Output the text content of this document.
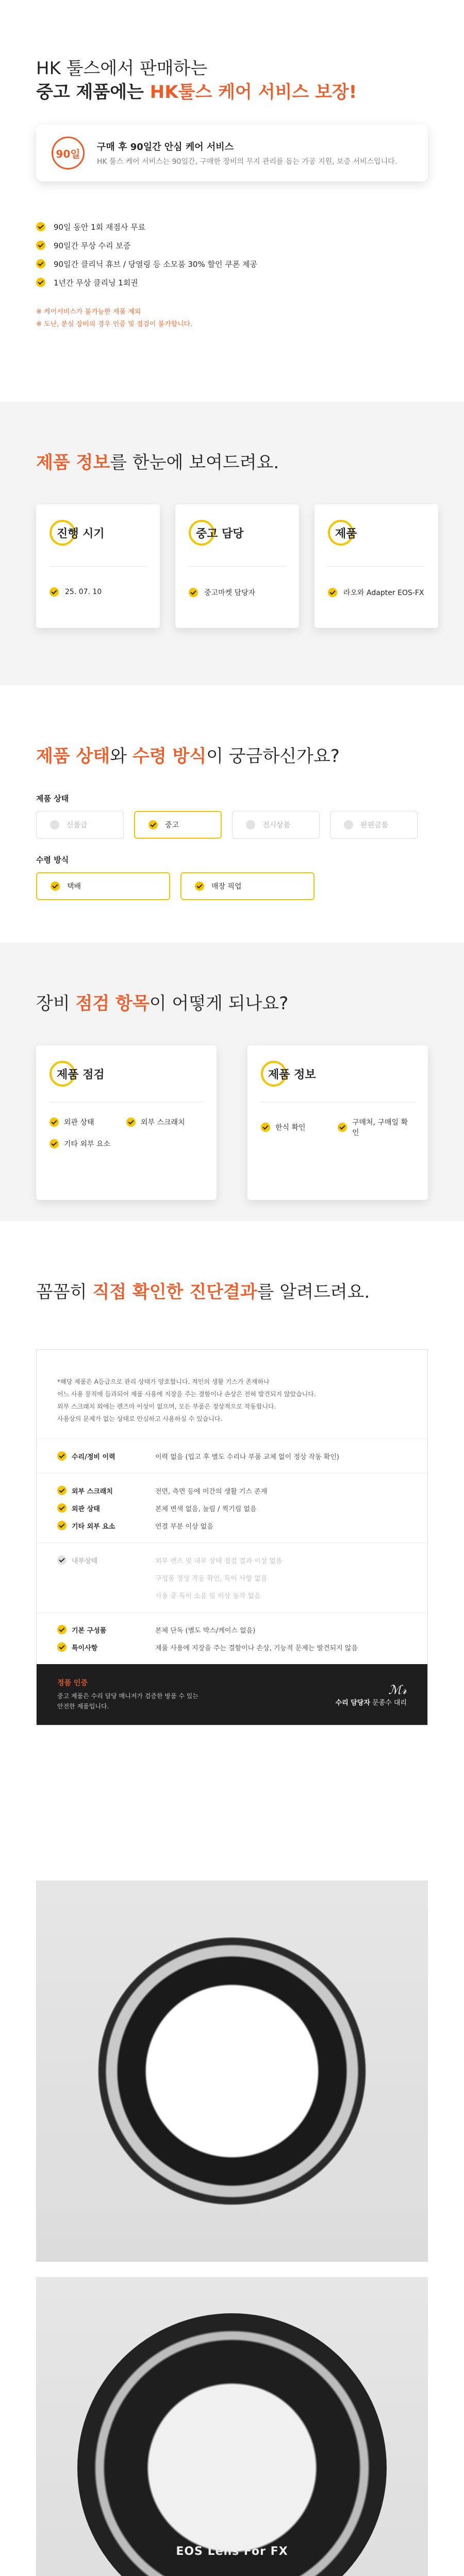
HK 툴스에서 판매하는
중고 제품에는 HK툴스 케어 서비스 보장!
90일
구매 후 90일간 안심 케어 서비스
HK 툴스 케어 서비스는 90일간, 구매한 장비의 무지 관리를 돕는 가공 지원, 보증 서비스입니다.
90일 동안 1회 재점사 무료
90일간 무상 수리 보증
90일간 클리닉 휴브 / 당열링 등 소모품 30% 할인 쿠폰 제공
1년간 무상 클리닝 1회권
※ 케어서비스가 불가능한 제품 제외
※ 도난, 분실 장비의 경우 인증 및 점검이 불가합니다.
제품 정보를 한눈에 보여드려요.
진행 시기
25. 07. 10
중고 담당
중고마켓 담당자
제품
라오와 Adapter EOS-FX
제품 상태와 수령 방식이 궁금하신가요?
제품 상태
신품급	중고	전시상품	판핀금품
수령 방식
택배	매장 픽업
장비 점검 항목이 어떻게 되나요?
제품 점검
외관 상태	외부 스크래치
기타 외부 요소
제품 정보
한식 확인
구매처, 구매일 확인
꼼꼼히 직접 확인한 진단결과를 알려드려요.
*해당 제품은 A등급으로 관리 상태가 양호합니다. 적인의 생활 기스가 존재하나
어느 사용 뭉직에 들과되어 제품 사용에 지장을 주는 결함이나 손상은 전혀 발견되지 않았습니다.
외부 스크래치 외에는 렌즈마 이상이 없으며, 모든 부품은 정상적으로 작동합니다.
사용상의 문제가 없는 상태로 안심하고 사용하실 수 있습니다.
수리/정비 이력	이력 없음 (입고 후 별도 수리나 부품 교체 없이 정상 작동 확인)
외부 스크래치	전면, 측면 등에 미간의 생활 기스 존재
외관 상태	본체 변색 없음, 눌림 / 찍기림 없음
기타 외부 요소	연결 부분 이상 없음
내부상태	외부 렌즈 및 내부 상태 점검 결과 이상 없음
구성품 정상 작동 확인, 특이 사항 없음
사용 중 특이 소음 및 이상 동작 없음
기본 구성품	본체 단독 (별도 박스/케이스 없음)
특이사항	제품 사용에 지장을 주는 결함이나 손상, 기능적 문제는 발견되지 않음
정품 인증
중고 제품은 수리 담당 매니저가 검증한 방품 수 있는
안전한 제품입니다.
ℳ𝓇
수리 담당자 문종수 대리
EOS Lens For FX
